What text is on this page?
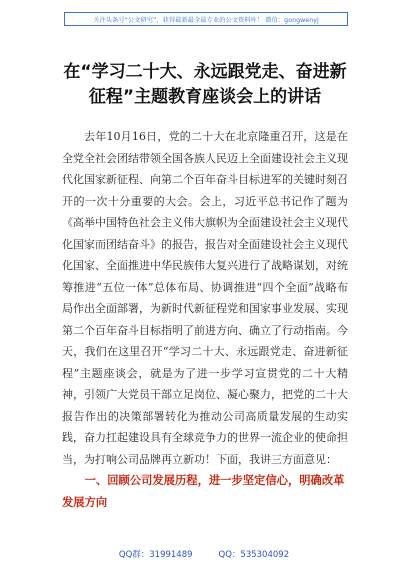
关注头条号“公文研究”，获得最新最全最专业的公文资料库！ 微信：gongwenyj
在“学习二十大、永远跟党走、奋进新征程”主题教育座谈会上的讲话

去年10月16日，党的二十大在北京隆重召开，这是在全党全社会团结带领全国各族人民迈上全面建设社会主义现代化国家新征程、向第二个百年奋斗目标进军的关键时刻召开的一次十分重要的大会。会上，习近平总书记作了题为《高举中国特色社会主义伟大旗帜为全面建设社会主义现代化国家而团结奋斗》的报告，报告对全面建设社会主义现代化国家、全面推进中华民族伟大复兴进行了战略谋划，对统筹推进“五位一体”总体布局、协调推进“四个全面”战略布局作出全面部署，为新时代新征程党和国家事业发展、实现第二个百年奋斗目标指明了前进方向、确立了行动指南。今天，我们在这里召开“学习二十大、永远跟党走、奋进新征程”主题座谈会，就是为了进一步学习宣贯党的二十大精神，引领广大党员干部立足岗位、凝心聚力，把党的二十大报告作出的决策部署转化为推动公司高质量发展的生动实践，奋力扛起建设具有全球竞争力的世界一流企业的使命担当，为打响公司品牌再立新功！下面，我讲三方面意见：

一、回顾公司发展历程，进一步坚定信心，明确改革发展方向

QQ群：31991489	QQ：535304092
